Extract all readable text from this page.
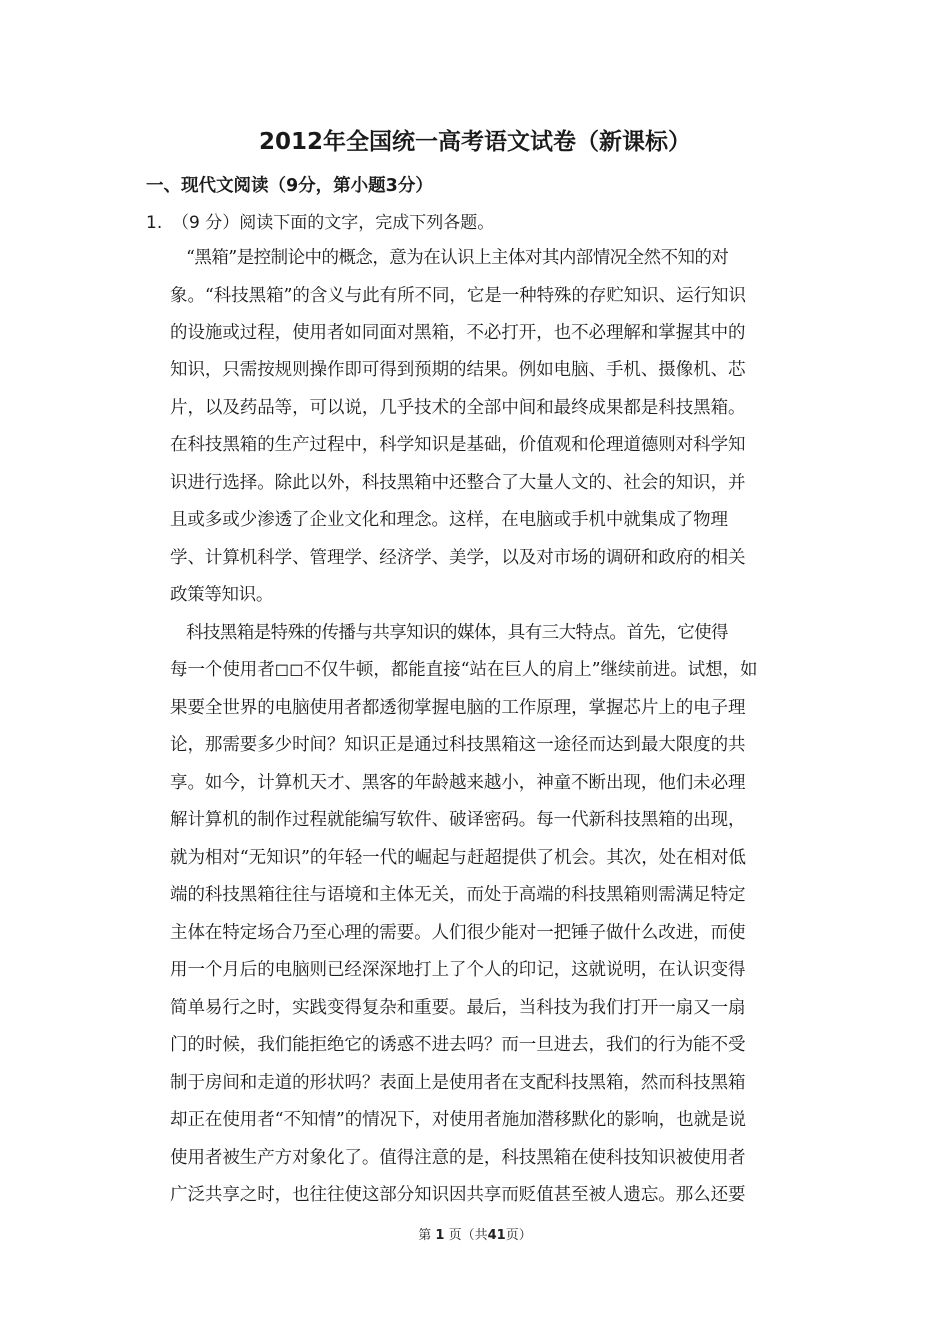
2012年全国统一高考语文试卷（新课标）
一、现代文阅读（9分，第小题3分）
1. （9 分）阅读下面的文字，完成下列各题。
“黑箱”是控制论中的概念，意为在认识上主体对其内部情况全然不知的对
象。“科技黑箱”的含义与此有所不同，它是一种特殊的存贮知识、运行知识
的设施或过程，使用者如同面对黑箱，不必打开，也不必理解和掌握其中的
知识，只需按规则操作即可得到预期的结果。例如电脑、手机、摄像机、芯
片，以及药品等，可以说，几乎技术的全部中间和最终成果都是科技黑箱。
在科技黑箱的生产过程中，科学知识是基础，价值观和伦理道德则对科学知
识进行选择。除此以外，科技黑箱中还整合了大量人文的、社会的知识，并
且或多或少渗透了企业文化和理念。这样，在电脑或手机中就集成了物理
学、计算机科学、管理学、经济学、美学，以及对市场的调研和政府的相关
政策等知识。
科技黑箱是特殊的传播与共享知识的媒体，具有三大特点。首先，它使得
每一个使用者◻◻不仅牛顿，都能直接“站在巨人的肩上”继续前进。试想，如
果要全世界的电脑使用者都透彻掌握电脑的工作原理，掌握芯片上的电子理
论，那需要多少时间？知识正是通过科技黑箱这一途径而达到最大限度的共
享。如今，计算机天才、黑客的年龄越来越小，神童不断出现，他们未必理
解计算机的制作过程就能编写软件、破译密码。每一代新科技黑箱的出现，
就为相对“无知识”的年轻一代的崛起与赶超提供了机会。其次，处在相对低
端的科技黑箱往往与语境和主体无关，而处于高端的科技黑箱则需满足特定
主体在特定场合乃至心理的需要。人们很少能对一把锤子做什么改进，而使
用一个月后的电脑则已经深深地打上了个人的印记，这就说明，在认识变得
简单易行之时，实践变得复杂和重要。最后，当科技为我们打开一扇又一扇
门的时候，我们能拒绝它的诱惑不进去吗？而一旦进去，我们的行为能不受
制于房间和走道的形状吗？表面上是使用者在支配科技黑箱，然而科技黑箱
却正在使用者“不知情”的情况下，对使用者施加潜移默化的影响，也就是说
使用者被生产方对象化了。值得注意的是，科技黑箱在使科技知识被使用者
广泛共享之时，也往往使这部分知识因共享而贬值甚至被人遗忘。那么还要
第 1 页（共41页）
